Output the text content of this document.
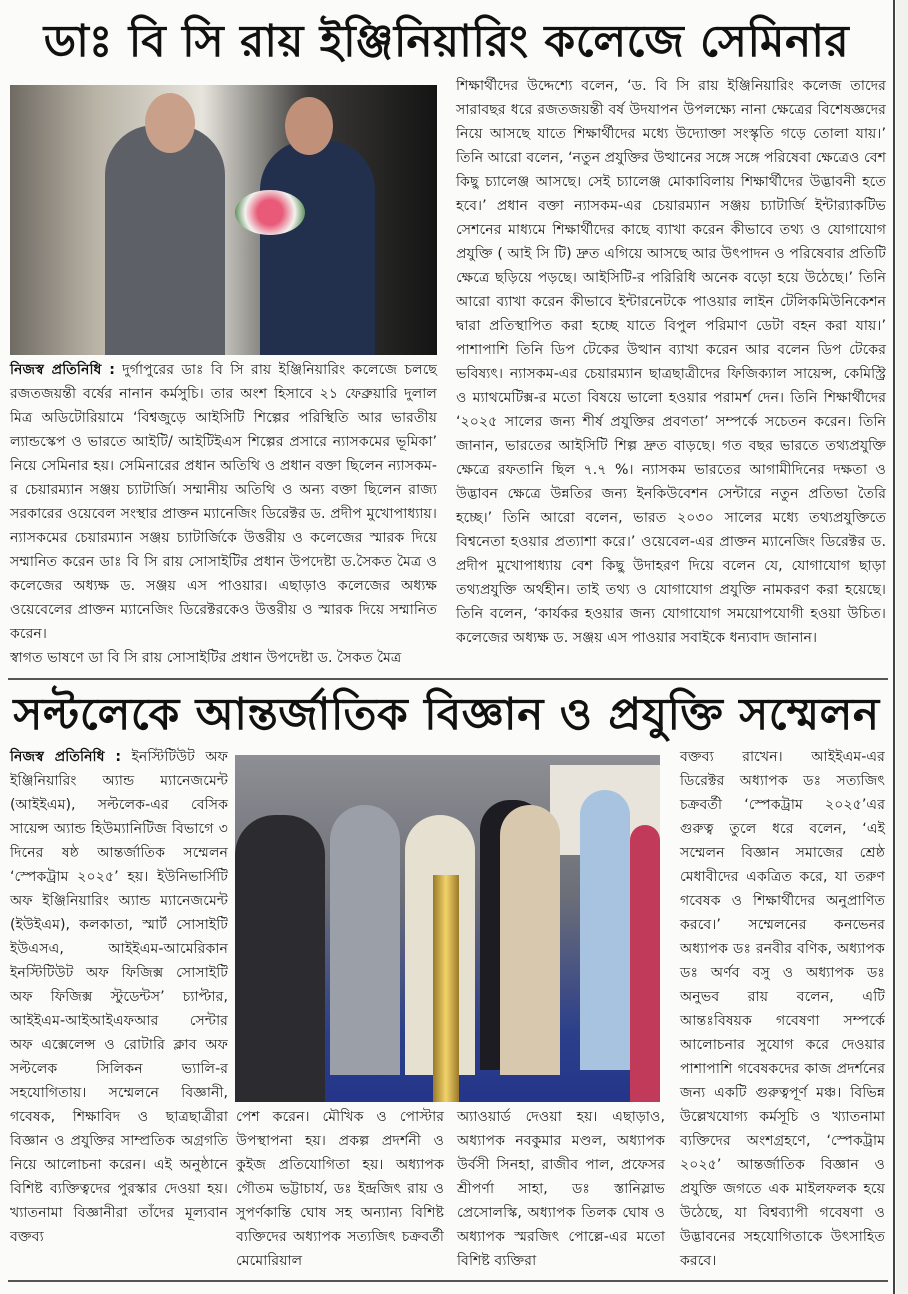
ডাঃ বি সি রায় ইঞ্জিনিয়ারিং কলেজে সেমিনার

নিজস্ব প্রতিনিধি : দুর্গাপুরের ডাঃ বি সি রায় ইঞ্জিনিয়ারিং কলেজে চলছে রজতজয়ন্তী বর্ষের নানান কর্মসুচি। তার অংশ হিসাবে ২১ ফেব্রুয়ারি দুলাল মিত্র অডিটোরিয়ামে ‘বিশ্বজুড়ে আইসিটি শিল্পের পরিস্থিতি আর ভারতীয় ল্যান্ডস্কেপ ও ভারতে আইটি/ আইটিইএস শিল্পের প্রসারে ন্যাসকমের ভূমিকা’ নিয়ে সেমিনার হয়। সেমিনারের প্রধান অতিথি ও প্রধান বক্তা ছিলেন ন্যাসকম-র চেয়ারম্যান সঞ্জয় চ্যাটার্জি। সম্মানীয় অতিথি ও অন্য বক্তা ছিলেন রাজ্য সরকারের ওয়েবেল সংস্থার প্রাক্তন ম্যানেজিং ডিরেক্টর ড. প্রদীপ মুখোপাধ্যায়। ন্যাসকমের চেয়ারম্যান সঞ্জয় চ্যাটার্জিকে উত্তরীয় ও কলেজের স্মারক দিয়ে সম্মানিত করেন ডাঃ বি সি রায় সোসাইটির প্রধান উপদেষ্টা ড.সৈকত মৈত্র ও কলেজের অধ্যক্ষ ড. সঞ্জয় এস পাওয়ার। এছাড়াও কলেজের অধ্যক্ষ ওয়েবেলের প্রাক্তন ম্যানেজিং ডিরেক্টরকেও উত্তরীয় ও স্মারক দিয়ে সম্মানিত করেন।

স্বাগত ভাষণে ডা বি সি রায় সোসাইটির প্রধান উপদেষ্টা ড. সৈকত মৈত্র

শিক্ষার্থীদের উদ্দেশ্যে বলেন, ‘ড. বি সি রায় ইঞ্জিনিয়ারিং কলেজ তাদের সারাবছর ধরে রজতজয়ন্তী বর্ষ উদযাপন উপলক্ষ্যে নানা ক্ষেত্রের বিশেষজ্ঞদের নিয়ে আসছে যাতে শিক্ষার্থীদের মধ্যে উদ্যোক্তা সংস্কৃতি গড়ে তোলা যায়।’ তিনি আরো বলেন, ‘নতুন প্রযুক্তির উত্থানের সঙ্গে সঙ্গে পরিষেবা ক্ষেত্রেও বেশ কিছু চ্যালেঞ্জ আসছে। সেই চ্যালেঞ্জ মোকাবিলায় শিক্ষার্থীদের উদ্ভাবনী হতে হবে।’ প্রধান বক্তা ন্যাসকম-এর চেয়ারম্যান সঞ্জয় চ্যাটার্জি ইন্টার‍্যাকটিভ সেশনের মাধ্যমে শিক্ষার্থীদের কাছে ব্যাখা করেন কীভাবে তথ্য ও যোগাযোগ প্রযুক্তি ( আই সি টি) দ্রুত এগিয়ে আসছে আর উৎপাদন ও পরিষেবার প্রতিটি ক্ষেত্রে ছড়িয়ে পড়ছে। আইসিটি-র পরিরিধি অনেক বড়ো হয়ে উঠেছে।’ তিনি আরো ব্যাখা করেন কীভাবে ইন্টারনেটকে পাওয়ার লাইন টেলিকমিউনিকেশন দ্বারা প্রতিস্থাপিত করা হচ্ছে যাতে বিপুল পরিমাণ ডেটা বহন করা যায়।’ পাশাপাশি তিনি ডিপ টেকের উত্থান ব্যাখা করেন আর বলেন ডিপ টেকের ভবিষ্যৎ। ন্যাসকম-এর চেয়ারম্যান ছাত্রছাত্রীদের ফিজিক্যাল সায়েন্স, কেমিস্ট্রি ও ম্যাথমেটিক্স-র মতো বিষয়ে ভালো হওয়ার পরামর্শ দেন। তিনি শিক্ষার্থীদের ‘২০২৫ সালের জন্য শীর্ষ প্রযুক্তির প্রবণতা’ সম্পর্কে সচেতন করেন। তিনি জানান, ভারতের আইসিটি শিল্প দ্রুত বাড়ছে। গত বছর ভারতে তথ্যপ্রযুক্তি ক্ষেত্রে রফতানি ছিল ৭.৭ %। ন্যাসকম ভারতের আগামীদিনের দক্ষতা ও উদ্ভাবন ক্ষেত্রে উন্নতির জন্য ইনকিউবেশন সেন্টারে নতুন প্রতিভা তৈরি হচ্ছে।’ তিনি আরো বলেন, ভারত ২০৩০ সালের মধ্যে তথ্যপ্রযুক্তিতে বিশ্বনেতা হওয়ার প্রত্যাশা করে।’ ওয়েবেল-এর প্রাক্তন ম্যানেজিং ডিরেক্টর ড. প্রদীপ মুখোপাধ্যায় বেশ কিছু উদাহরণ দিয়ে বলেন যে, যোগাযোগ ছাড়া তথ্যপ্রযুক্তি অর্থহীন। তাই তথ্য ও যোগাযোগ প্রযুক্তি নামকরণ করা হয়েছে। তিনি বলেন, ‘কার্যকর হওয়ার জন্য যোগাযোগ সময়োপযোগী হওয়া উচিত। কলেজের অধ্যক্ষ ড. সঞ্জয় এস পাওয়ার সবাইকে ধন্যবাদ জানান।

সল্টলেকে আন্তর্জাতিক বিজ্ঞান ও প্রযুক্তি সম্মেলন

নিজস্ব প্রতিনিধি : ইনস্টিটিউট অফ ইঞ্জিনিয়ারিং অ্যান্ড ম্যানেজমেন্ট (আইইএম), সল্টলেক-এর বেসিক সায়েন্স অ্যান্ড হিউম্যানিটিজ বিভাগে ৩ দিনের ষষ্ঠ আন্তর্জাতিক সম্মেলন ‘স্পেকট্রাম ২০২৫’ হয়। ইউনিভার্সিটি অফ ইঞ্জিনিয়ারিং অ্যান্ড ম্যানেজমেন্ট (ইউইএম), কলকাতা, স্মার্ট সোসাইটি ইউএসএ, আইইএম-আমেরিকান ইনস্টিটিউট অফ ফিজিক্স সোসাইটি অফ ফিজিক্স স্টুডেন্টস’ চ্যাপ্টার, আইইএম-আইআইএফআর সেন্টার অফ এক্সেলেন্স ও রোটারি ক্লাব অফ সল্টলেক সিলিকন ভ্যালি-র সহযোগিতায়। সম্মেলনে বিজ্ঞানী, গবেষক, শিক্ষাবিদ ও ছাত্রছাত্রীরা বিজ্ঞান ও প্রযুক্তির সাম্প্রতিক অগ্রগতি নিয়ে আলোচনা করেন। এই অনুষ্ঠানে বিশিষ্ট ব্যক্তিত্বদের পুরস্কার দেওয়া হয়। খ্যাতনামা বিজ্ঞানীরা তাঁদের মূল্যবান বক্তব্য

পেশ করেন। মৌখিক ও পোস্টার উপস্থাপনা হয়। প্রকল্প প্রদর্শনী ও কুইজ প্রতিযোগিতা হয়। অধ্যাপক গৌতম ভট্টাচার্য, ডঃ ইন্দ্রজিৎ রায় ও সুপর্ণকান্তি ঘোষ সহ অন্যান্য বিশিষ্ট ব্যক্তিদের অধ্যাপক সত্যজিৎ চক্রবর্তী মেমোরিয়াল

অ্যাওয়ার্ড দেওয়া হয়। এছাড়াও, অধ্যাপক নবকুমার মণ্ডল, অধ্যাপক উর্বসী সিনহা, রাজীব পাল, প্রফেসর শ্রীপর্ণা সাহা, ডঃ স্তানিস্লাভ প্রেসোলস্কি, অধ্যাপক তিলক ঘোষ ও অধ্যাপক স্মরজিৎ পোল্লে-এর মতো বিশিষ্ট ব্যক্তিরা

বক্তব্য রাখেন। আইইএম-এর ডিরেক্টর অধ্যাপক ডঃ সত্যজিৎ চক্রবর্তী ‘স্পেকট্রাম ২০২৫’এর গুরুত্ব তুলে ধরে বলেন, ‘এই সম্মেলন বিজ্ঞান সমাজের শ্রেষ্ঠ মেধাবীদের একত্রিত করে, যা তরুণ গবেষক ও শিক্ষার্থীদের অনুপ্রাণিত করবে।’ সম্মেলনের কনভেনর অধ্যাপক ডঃ রনবীর বণিক, অধ্যাপক ডঃ অর্ণব বসু ও অধ্যাপক ডঃ অনুভব রায় বলেন, এটি আন্তঃবিষয়ক গবেষণা সম্পর্কে আলোচনার সুযোগ করে দেওয়ার পাশাপাশি গবেষকদের কাজ প্রদর্শনের জন্য একটি গুরুত্বপূর্ণ মঞ্চ। বিভিন্ন উল্লেখযোগ্য কর্মসূচি ও খ্যাতনামা ব্যক্তিদের অংশগ্রহণে, ‘স্পেকট্রাম ২০২৫’ আন্তর্জাতিক বিজ্ঞান ও প্রযুক্তি জগতে এক মাইলফলক হয়ে উঠেছে, যা বিশ্বব্যাপী গবেষণা ও উদ্ভাবনের সহযোগিতাকে উৎসাহিত করবে।
